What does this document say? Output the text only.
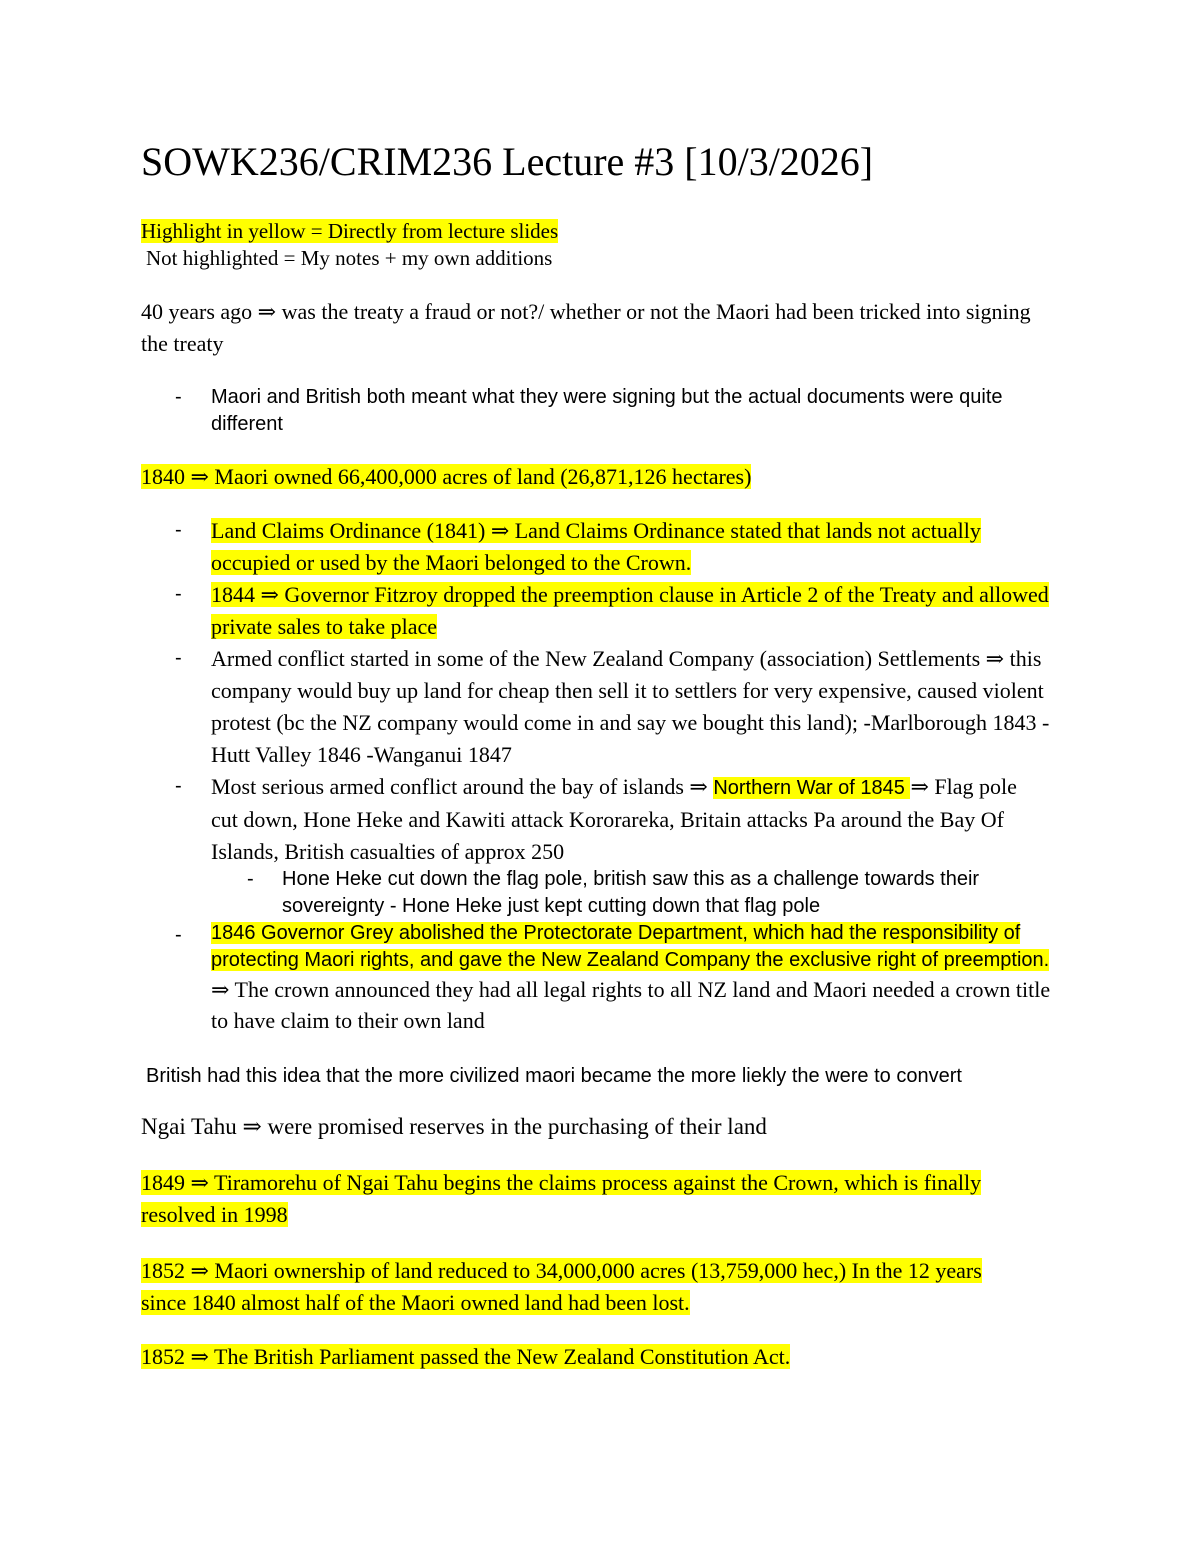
SOWK236/CRIM236 Lecture #3 [10/3/2026]
Highlight in yellow = Directly from lecture slides
Not highlighted = My notes + my own additions
40 years ago ⇒ was the treaty a fraud or not?/ whether or not the Maori had been tricked into signing the treaty
- Maori and British both meant what they were signing but the actual documents were quite different
1840 ⇒ Maori owned 66,400,000 acres of land (26,871,126 hectares)
- Land Claims Ordinance (1841) ⇒ Land Claims Ordinance stated that lands not actually occupied or used by the Maori belonged to the Crown.
- 1844 ⇒ Governor Fitzroy dropped the preemption clause in Article 2 of the Treaty and allowed private sales to take place
- Armed conflict started in some of the New Zealand Company (association) Settlements ⇒ this company would buy up land for cheap then sell it to settlers for very expensive, caused violent protest (bc the NZ company would come in and say we bought this land); -Marlborough 1843 -Hutt Valley 1846 -Wanganui 1847
- Most serious armed conflict around the bay of islands ⇒ Northern War of 1845 ⇒ Flag pole cut down, Hone Heke and Kawiti attack Kororareka, Britain attacks Pa around the Bay Of Islands, British casualties of approx 250
- Hone Heke cut down the flag pole, british saw this as a challenge towards their sovereignty - Hone Heke just kept cutting down that flag pole
- 1846 Governor Grey abolished the Protectorate Department, which had the responsibility of protecting Maori rights, and gave the New Zealand Company the exclusive right of preemption. ⇒ The crown announced they had all legal rights to all NZ land and Maori needed a crown title to have claim to their own land
British had this idea that the more civilized maori became the more liekly the were to convert
Ngai Tahu ⇒ were promised reserves in the purchasing of their land
1849 ⇒ Tiramorehu of Ngai Tahu begins the claims process against the Crown, which is finally resolved in 1998
1852 ⇒ Maori ownership of land reduced to 34,000,000 acres (13,759,000 hec,) In the 12 years since 1840 almost half of the Maori owned land had been lost.
1852 ⇒ The British Parliament passed the New Zealand Constitution Act.
